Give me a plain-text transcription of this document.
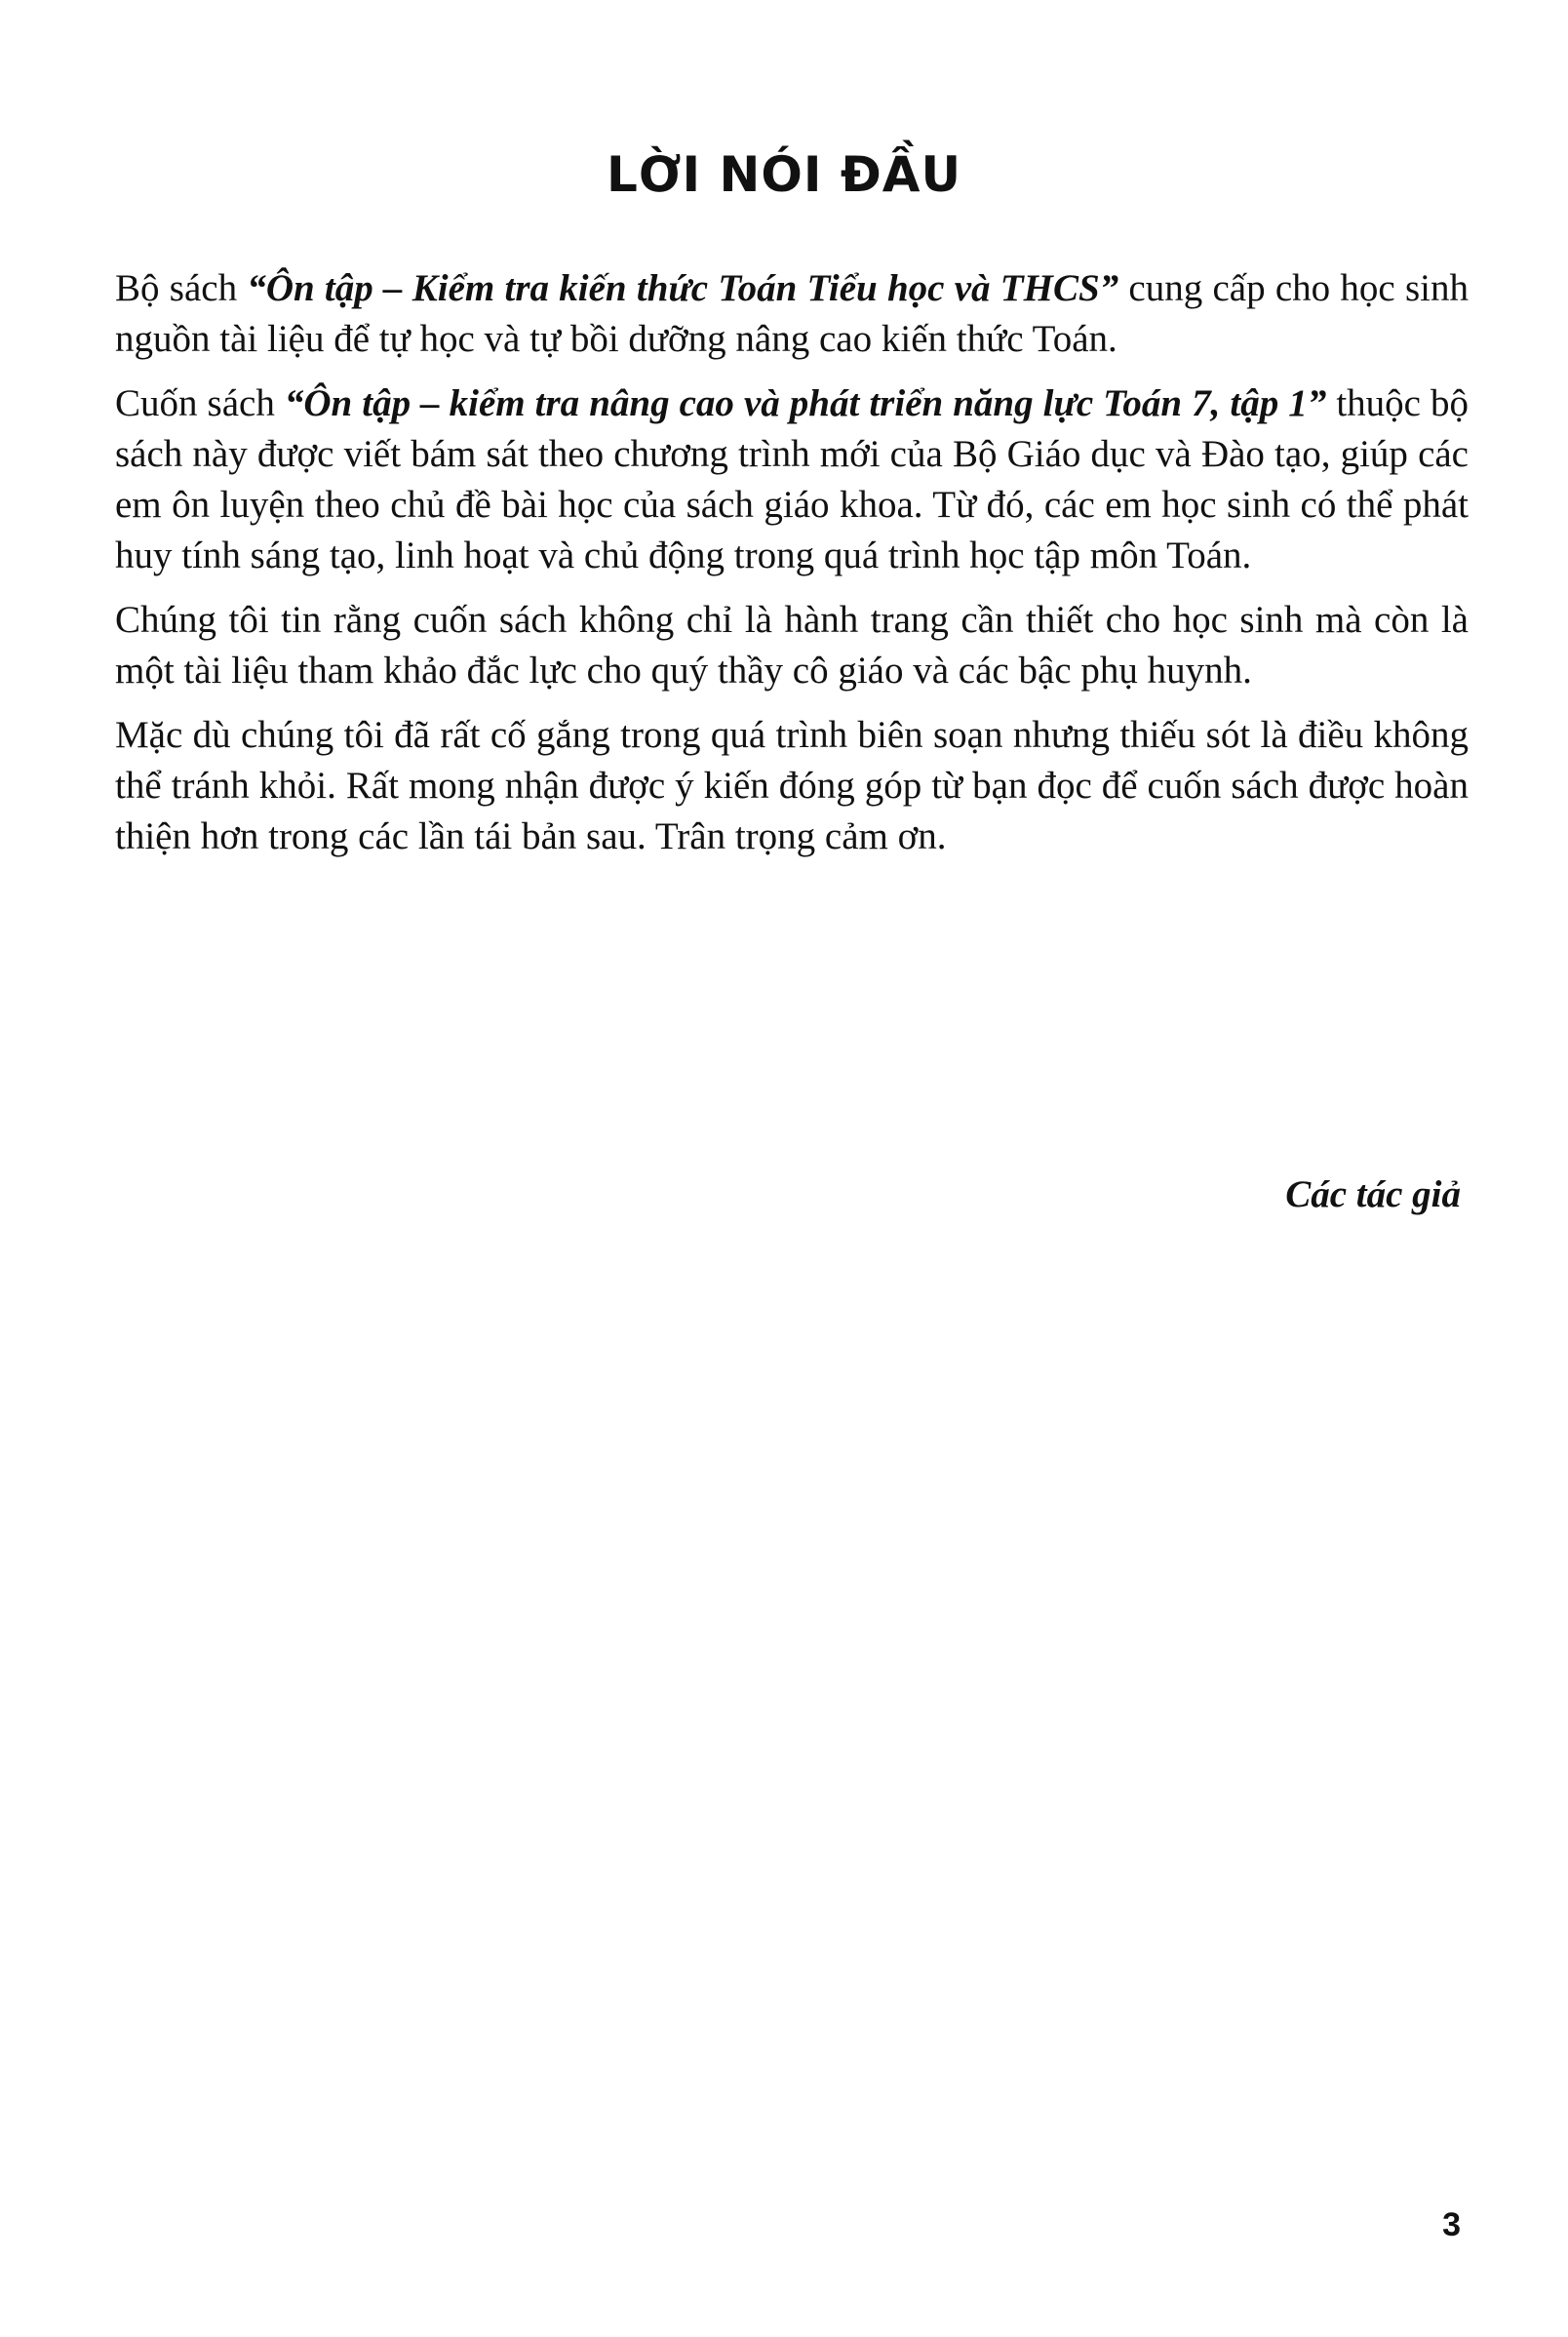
LỜI NÓI ĐẦU

Bộ sách “Ôn tập – Kiểm tra kiến thức Toán Tiểu học và THCS” cung cấp cho học sinh nguồn tài liệu để tự học và tự bồi dưỡng nâng cao kiến thức Toán.

Cuốn sách “Ôn tập – kiểm tra nâng cao và phát triển năng lực Toán 7, tập 1” thuộc bộ sách này được viết bám sát theo chương trình mới của Bộ Giáo dục và Đào tạo, giúp các em ôn luyện theo chủ đề bài học của sách giáo khoa. Từ đó, các em học sinh có thể phát huy tính sáng tạo, linh hoạt và chủ động trong quá trình học tập môn Toán.

Chúng tôi tin rằng cuốn sách không chỉ là hành trang cần thiết cho học sinh mà còn là một tài liệu tham khảo đắc lực cho quý thầy cô giáo và các bậc phụ huynh.

Mặc dù chúng tôi đã rất cố gắng trong quá trình biên soạn nhưng thiếu sót là điều không thể tránh khỏi. Rất mong nhận được ý kiến đóng góp từ bạn đọc để cuốn sách được hoàn thiện hơn trong các lần tái bản sau. Trân trọng cảm ơn.

Các tác giả
3
